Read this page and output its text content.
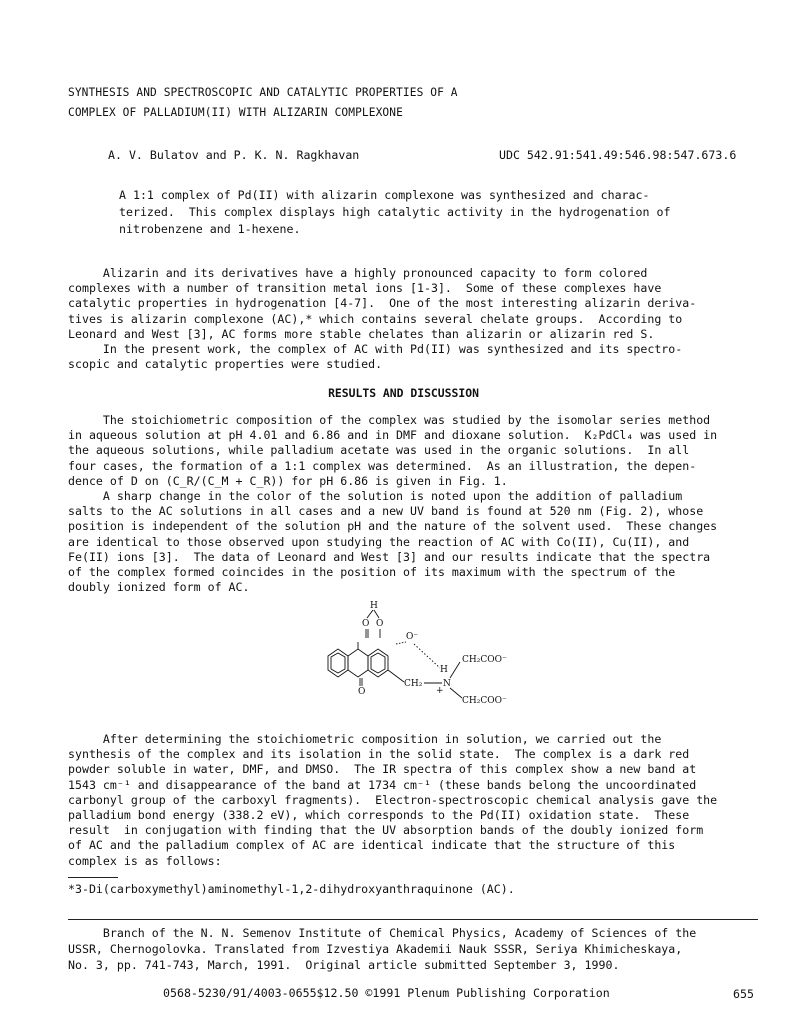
SYNTHESIS AND SPECTROSCOPIC AND CATALYTIC PROPERTIES OF A
COMPLEX OF PALLADIUM(II) WITH ALIZARIN COMPLEXONE
A. V. Bulatov and P. K. N. Ragkhavan	UDC 542.91:541.49:546.98:547.673.6
A 1:1 complex of Pd(II) with alizarin complexone was synthesized and charac-
terized.  This complex displays high catalytic activity in the hydrogenation of
nitrobenzene and 1-hexene.
Alizarin and its derivatives have a highly pronounced capacity to form colored
complexes with a number of transition metal ions [1-3].  Some of these complexes have
catalytic properties in hydrogenation [4-7].  One of the most interesting alizarin deriva-
tives is alizarin complexone (AC),* which contains several chelate groups.  According to
Leonard and West [3], AC forms more stable chelates than alizarin or alizarin red S.
In the present work, the complex of AC with Pd(II) was synthesized and its spectro-
scopic and catalytic properties were studied.
RESULTS AND DISCUSSION
The stoichiometric composition of the complex was studied by the isomolar series method
in aqueous solution at pH 4.01 and 6.86 and in DMF and dioxane solution.  K₂PdCl₄ was used in
the aqueous solutions, while palladium acetate was used in the organic solutions.  In all
four cases, the formation of a 1:1 complex was determined.  As an illustration, the depen-
dence of D on (C_R/(C_M + C_R)) for pH 6.86 is given in Fig. 1.
A sharp change in the color of the solution is noted upon the addition of palladium
salts to the AC solutions in all cases and a new UV band is found at 520 nm (Fig. 2), whose
position is independent of the solution pH and the nature of the solvent used.  These changes
are identical to those observed upon studying the reaction of AC with Co(II), Cu(II), and
Fe(II) ions [3].  The data of Leonard and West [3] and our results indicate that the spectra
of the complex formed coincides in the position of its maximum with the spectrum of the
doubly ionized form of AC.
H
O O
O⁻
O
CH₂
H
N
+
CH₂COO⁻
CH₂COO⁻
After determining the stoichiometric composition in solution, we carried out the
synthesis of the complex and its isolation in the solid state.  The complex is a dark red
powder soluble in water, DMF, and DMSO.  The IR spectra of this complex show a new band at
1543 cm⁻¹ and disappearance of the band at 1734 cm⁻¹ (these bands belong the uncoordinated
carbonyl group of the carboxyl fragments).  Electron-spectroscopic chemical analysis gave the
palladium bond energy (338.2 eV), which corresponds to the Pd(II) oxidation state.  These
result  in conjugation with finding that the UV absorption bands of the doubly ionized form
of AC and the palladium complex of AC are identical indicate that the structure of this
complex is as follows:
*3-Di(carboxymethyl)aminomethyl-1,2-dihydroxyanthraquinone (AC).
Branch of the N. N. Semenov Institute of Chemical Physics, Academy of Sciences of the
USSR, Chernogolovka. Translated from Izvestiya Akademii Nauk SSSR, Seriya Khimicheskaya,
No. 3, pp. 741-743, March, 1991.  Original article submitted September 3, 1990.
0568-5230/91/4003-0655$12.50 ©1991 Plenum Publishing Corporation	655
